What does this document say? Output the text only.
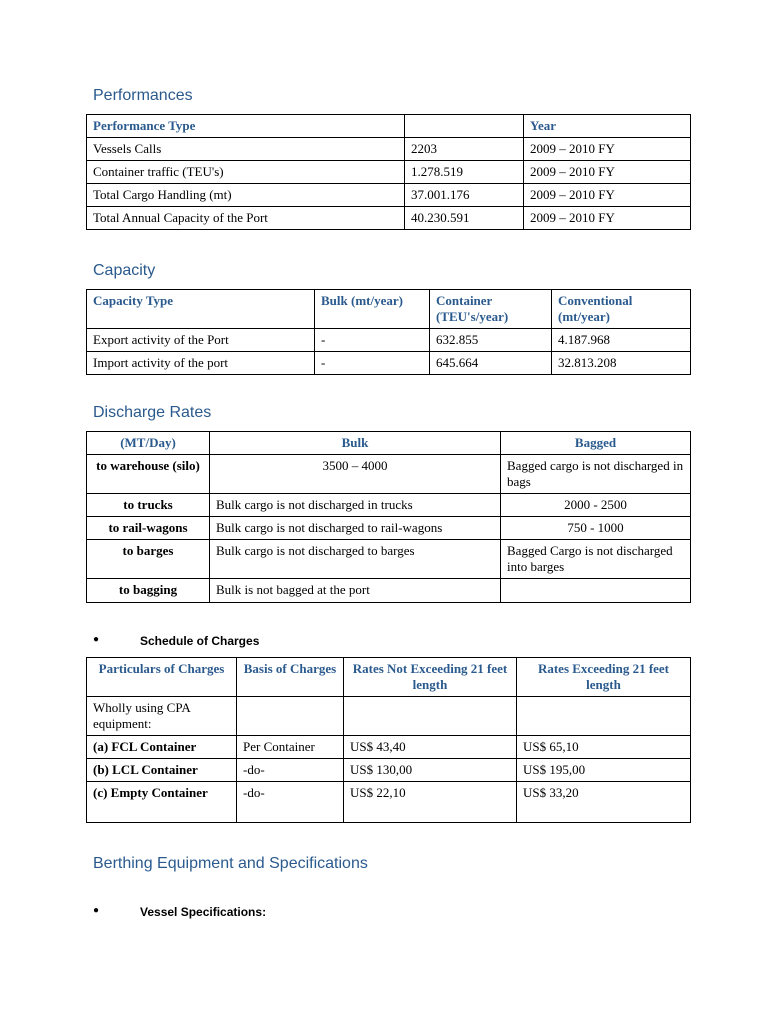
Performances
Performance Type		Year
Vessels Calls	2203	2009 – 2010 FY
Container traffic (TEU's)	1.278.519	2009 – 2010 FY
Total Cargo Handling (mt)	37.001.176	2009 – 2010 FY
Total Annual Capacity of the Port	40.230.591	2009 – 2010 FY
Capacity
Capacity Type	Bulk (mt/year)	Container (TEU's/year)	Conventional (mt/year)
Export activity of the Port	-	632.855	4.187.968
Import activity of the port	-	645.664	32.813.208
Discharge Rates
(MT/Day)	Bulk	Bagged
to warehouse (silo)	3500 – 4000	Bagged cargo is not discharged in bags
to trucks	Bulk cargo is not discharged in trucks	2000 - 2500
to rail-wagons	Bulk cargo is not discharged to rail-wagons	750 - 1000
to barges	Bulk cargo is not discharged to barges	Bagged Cargo is not discharged into barges
to bagging	Bulk is not bagged at the port	
●	Schedule of Charges
Particulars of Charges	Basis of Charges	Rates Not Exceeding 21 feet length	Rates Exceeding 21 feet length
Wholly using CPA equipment:			
(a) FCL Container	Per Container	US$ 43,40	US$ 65,10
(b) LCL Container	-do-	US$ 130,00	US$ 195,00
(c) Empty Container	-do-	US$ 22,10	US$ 33,20
Berthing Equipment and Specifications
●	Vessel Specifications:
